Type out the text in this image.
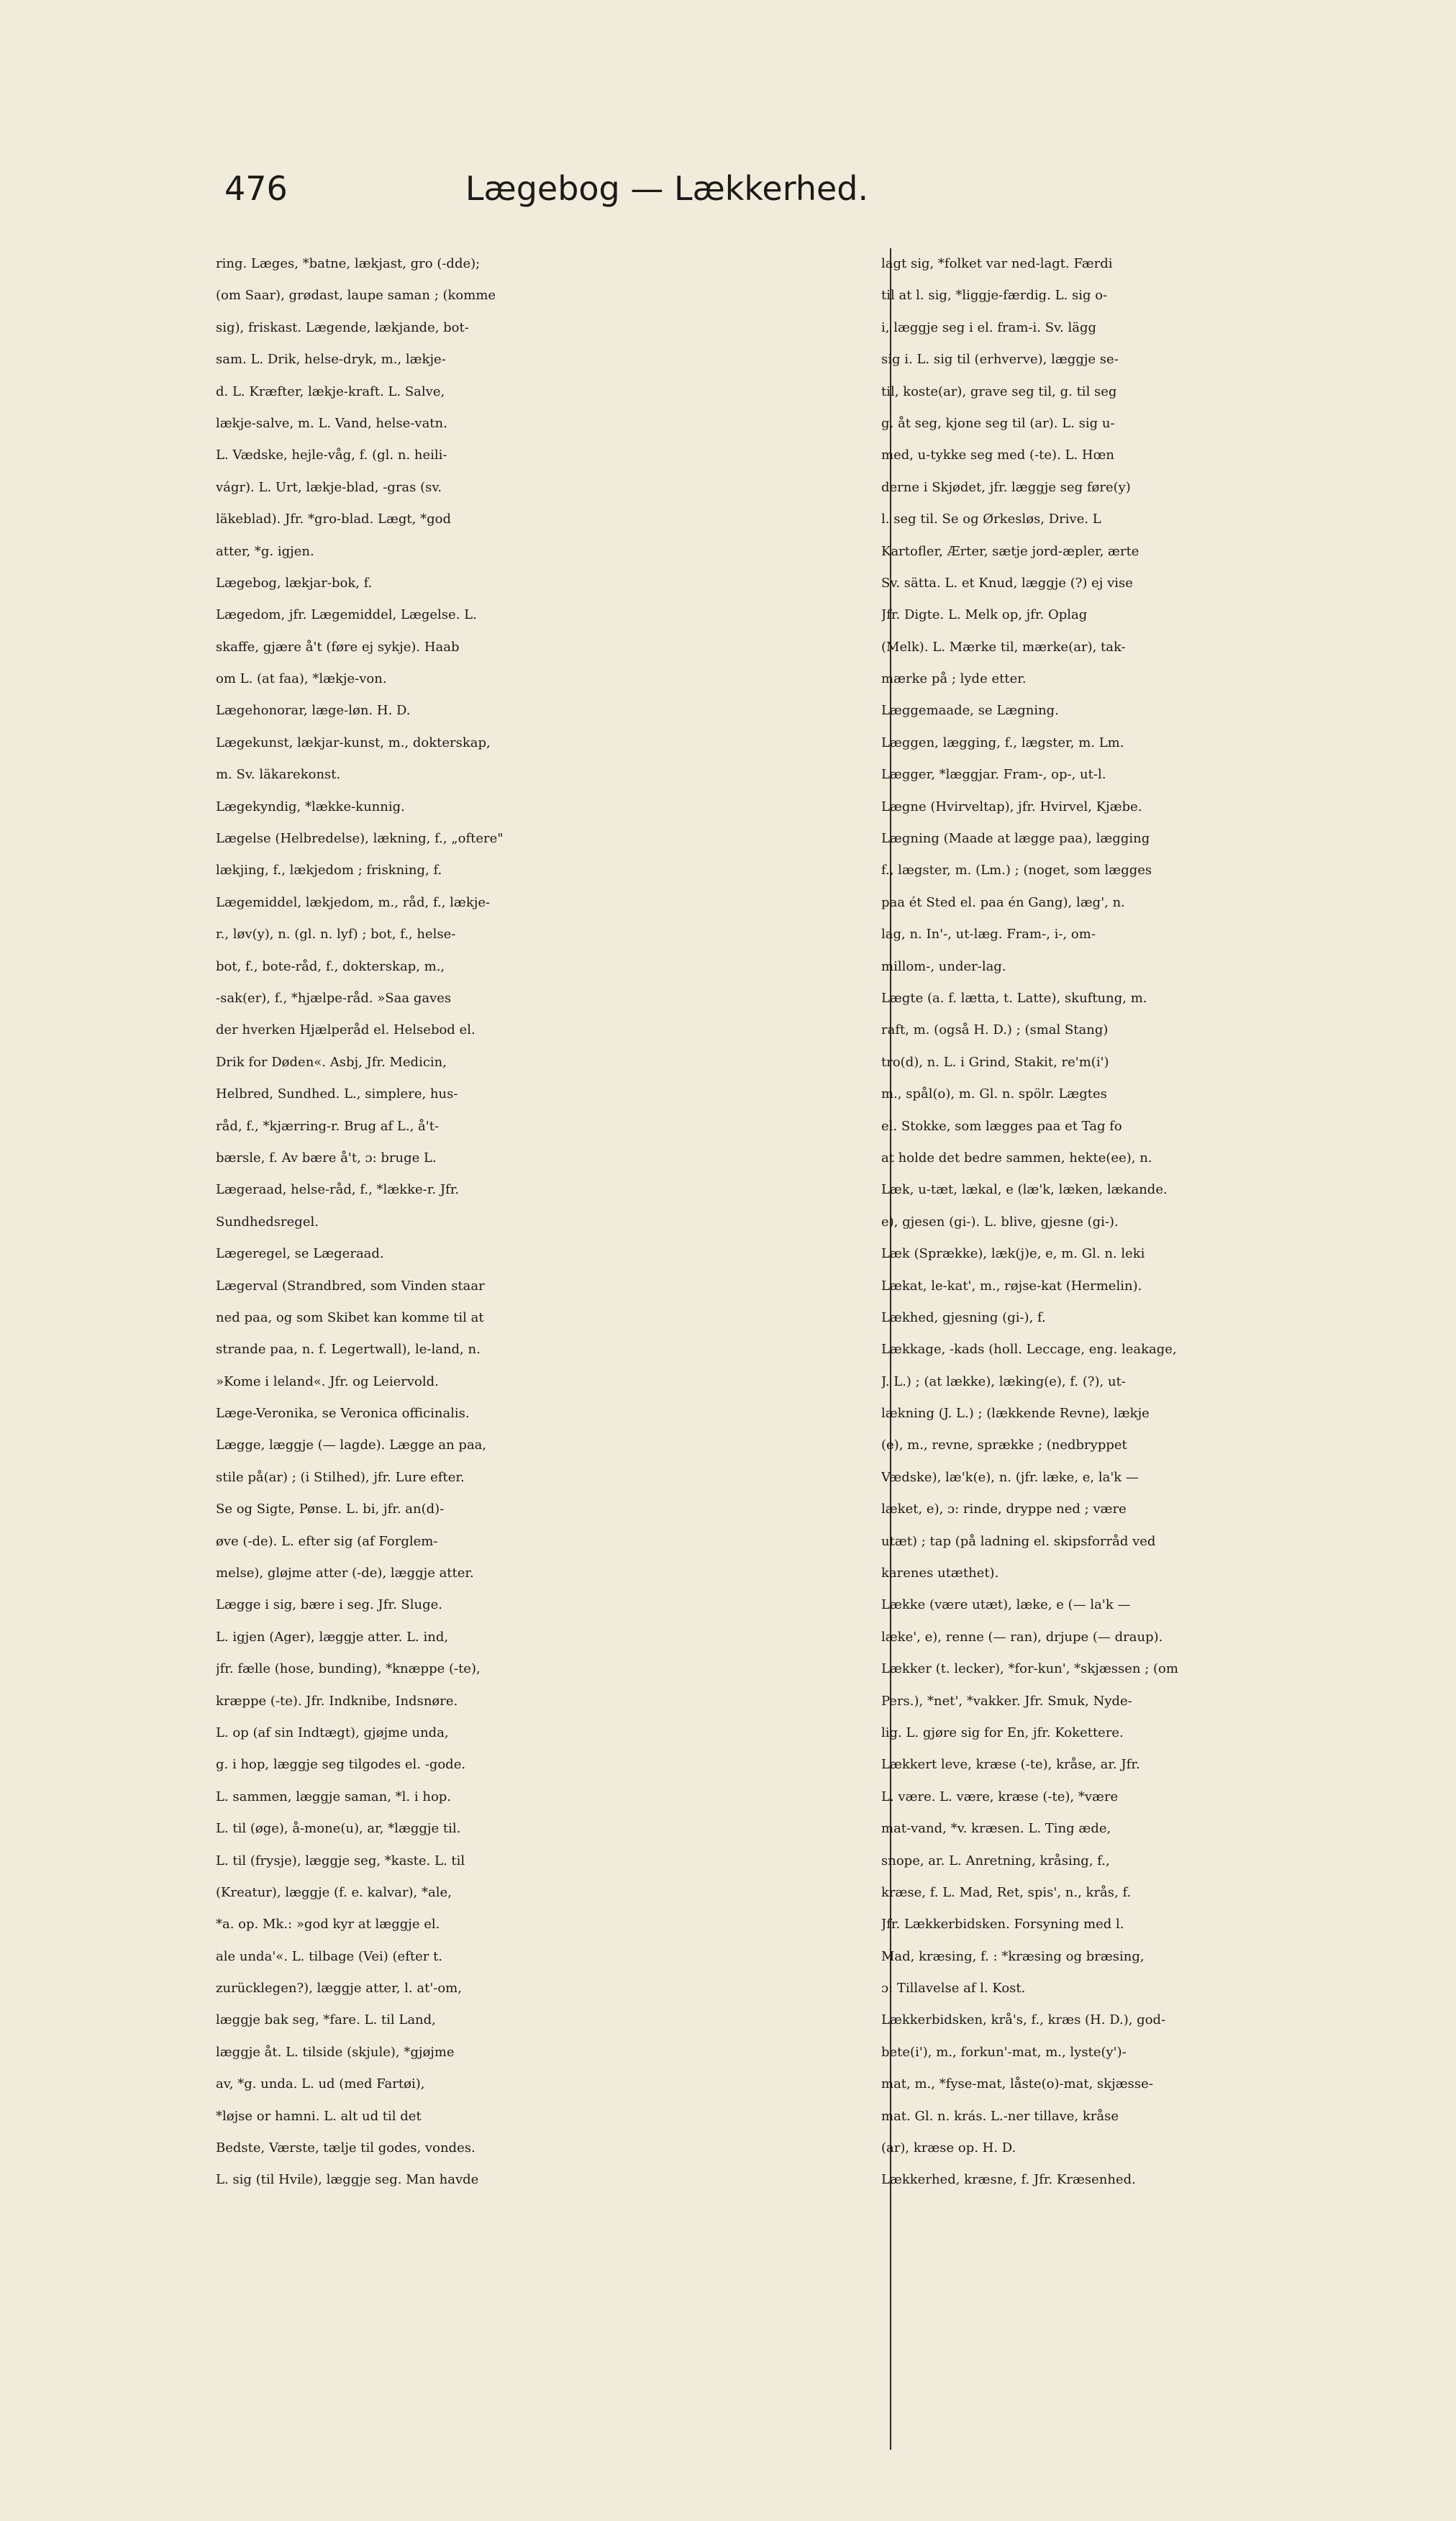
476	Lægebog — Lækkerhed.
ring. Læges, *batne, lækjast, gro (-dde);
(om Saar), grødast, laupe saman ; (komme
sig), friskast. Lægende, lækjande, bot-
sam. L. Drik, helse-dryk, m., lækje-
d. L. Kræfter, lækje-kraft. L. Salve,
lækje-salve, m. L. Vand, helse-vatn.
L. Vædske, hejle-våg, f. (gl. n. heili-
vágr). L. Urt, lækje-blad, -gras (sv.
läkeblad). Jfr. *gro-blad. Lægt, *god
atter, *g. igjen.
Lægebog, lækjar-bok, f.
Lægedom, jfr. Lægemiddel, Lægelse. L.
skaffe, gjære å't (føre ej sykje). Haab
om L. (at faa), *lækje-von.
Lægehonorar, læge-løn. H. D.
Lægekunst, lækjar-kunst, m., dokterskap,
m. Sv. läkarekonst.
Lægekyndig, *lække-kunnig.
Lægelse (Helbredelse), lækning, f., „oftere"
lækjing, f., lækjedom ; friskning, f.
Lægemiddel, lækjedom, m., råd, f., lækje-
r., løv(y), n. (gl. n. lyf) ; bot, f., helse-
bot, f., bote-råd, f., dokterskap, m.,
-sak(er), f., *hjælpe-råd. »Saa gaves
der hverken Hjælperåd el. Helsebod el.
Drik for Døden«. Asbj, Jfr. Medicin,
Helbred, Sundhed. L., simplere, hus-
råd, f., *kjærring-r. Brug af L., å't-
bærsle, f. Av bære å't, ɔ: bruge L.
Lægeraad, helse-råd, f., *lække-r. Jfr.
Sundhedsregel.
Lægeregel, se Lægeraad.
Lægerval (Strandbred, som Vinden staar
ned paa, og som Skibet kan komme til at
strande paa, n. f. Legertwall), le-land, n.
»Kome i leland«. Jfr. og Leiervold.
Læge-Veronika, se Veronica officinalis.
Lægge, læggje (— lagde). Lægge an paa,
stile på(ar) ; (i Stilhed), jfr. Lure efter.
Se og Sigte, Pønse. L. bi, jfr. an(d)-
øve (-de). L. efter sig (af Forglem-
melse), gløjme atter (-de), læggje atter.
Lægge i sig, bære i seg. Jfr. Sluge.
L. igjen (Ager), læggje atter. L. ind,
jfr. fælle (hose, bunding), *knæppe (-te),
kræppe (-te). Jfr. Indknibe, Indsnøre.
L. op (af sin Indtægt), gjøjme unda,
g. i hop, læggje seg tilgodes el. -gode.
L. sammen, læggje saman, *l. i hop.
L. til (øge), å-mone(u), ar, *læggje til.
L. til (frysje), læggje seg, *kaste. L. til
(Kreatur), læggje (f. e. kalvar), *ale,
*a. op. Mk.: »god kyr at læggje el.
ale unda'«. L. tilbage (Vei) (efter t.
zurücklegen?), læggje atter, l. at'-om,
læggje bak seg, *fare. L. til Land,
læggje åt. L. tilside (skjule), *gjøjme
av, *g. unda. L. ud (med Fartøi),
*løjse or hamni. L. alt ud til det
Bedste, Værste, tælje til godes, vondes.
L. sig (til Hvile), læggje seg. Man havde
lagt sig, *folket var ned-lagt. Færdi
til at l. sig, *liggje-færdig. L. sig o-
i, læggje seg i el. fram-i. Sv. lägg
sig i. L. sig til (erhverve), læggje se-
til, koste(ar), grave seg til, g. til seg
g. åt seg, kjone seg til (ar). L. sig u-
med, u-tykke seg med (-te). L. Hœn
derne i Skjødet, jfr. læggje seg føre(y)
l. seg til. Se og Ørkesløs, Drive. L
Kartofler, Ærter, sætje jord-æpler, ærte
Sv. sätta. L. et Knud, læggje (?) ej vise
Jfr. Digte. L. Melk op, jfr. Oplag
(Melk). L. Mærke til, mærke(ar), tak-
mærke på ; lyde etter.
Læggemaade, se Lægning.
Læggen, lægging, f., lægster, m. Lm.
Lægger, *læggjar. Fram-, op-, ut-l.
Lægne (Hvirveltap), jfr. Hvirvel, Kjæbe.
Lægning (Maade at lægge paa), lægging
f., lægster, m. (Lm.) ; (noget, som lægges
paa ét Sted el. paa én Gang), læg', n.
lag, n. In'-, ut-læg. Fram-, i-, om-
millom-, under-lag.
Lægte (a. f. lætta, t. Latte), skuftung, m.
raft, m. (også H. D.) ; (smal Stang)
tro(d), n. L. i Grind, Stakit, re'm(i')
m., spål(o), m. Gl. n. spölr. Lægtes
el. Stokke, som lægges paa et Tag fo
at holde det bedre sammen, hekte(ee), n.
Læk, u-tæt, lækal, e (læ'k, læken, lækande.
e), gjesen (gi-). L. blive, gjesne (gi-).
Læk (Sprække), læk(j)e, e, m. Gl. n. leki
Lækat, le-kat', m., røjse-kat (Hermelin).
Lækhed, gjesning (gi-), f.
Lækkage, -kads (holl. Leccage, eng. leakage,
J. L.) ; (at lække), læking(e), f. (?), ut-
lækning (J. L.) ; (lækkende Revne), lækje
(e), m., revne, sprække ; (nedbryppet
Vædske), læ'k(e), n. (jfr. læke, e, la'k —
læket, e), ɔ: rinde, dryppe ned ; være
utæt) ; tap (på ladning el. skipsforråd ved
karenes utæthet).
Lække (være utæt), læke, e (— la'k —
læke', e), renne (— ran), drjupe (— draup).
Lækker (t. lecker), *for-kun', *skjæssen ; (om
Pers.), *net', *vakker. Jfr. Smuk, Nyde-
lig. L. gjøre sig for En, jfr. Kokettere.
Lækkert leve, kræse (-te), kråse, ar. Jfr.
L. være. L. være, kræse (-te), *være
mat-vand, *v. kræsen. L. Ting æde,
snope, ar. L. Anretning, kråsing, f.,
kræse, f. L. Mad, Ret, spis', n., krås, f.
Jfr. Lækkerbidsken. Forsyning med l.
Mad, kræsing, f. : *kræsing og bræsing,
ɔ: Tillavelse af l. Kost.
Lækkerbidsken, krå's, f., kræs (H. D.), god-
bete(i'), m., forkun'-mat, m., lyste(y')-
mat, m., *fyse-mat, låste(o)-mat, skjæsse-
mat. Gl. n. krás. L.-ner tillave, kråse
(ar), kræse op. H. D.
Lækkerhed, kræsne, f. Jfr. Kræsenhed.
